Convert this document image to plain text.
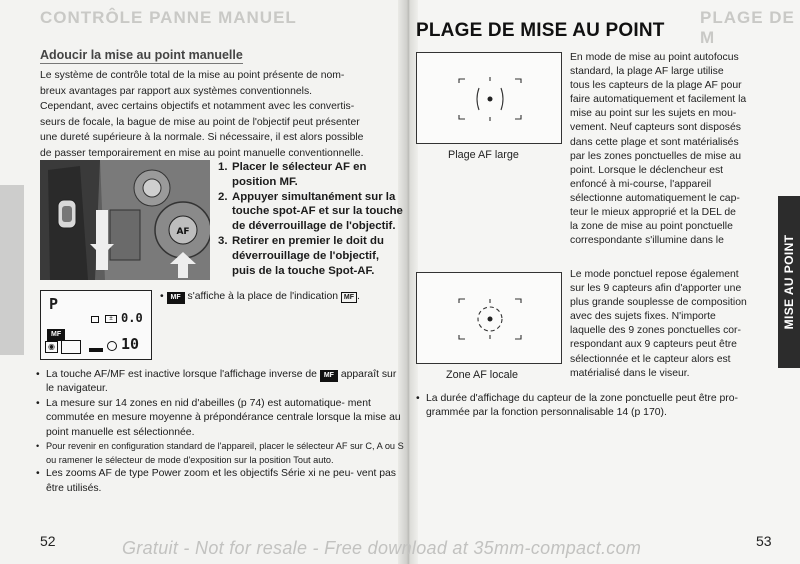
CONTRÔLE PANNE MANUEL	PLAGE DE M
Adoucir la mise au point manuelle
Le système de contrôle total de la mise au point présente de nom-
breux avantages par rapport aux systèmes conventionnels.
Cependant, avec certains objectifs et notamment avec les convertis-
seurs de focale, la bague de mise au point de l'objectif peut présenter
une dureté supérieure à la normale. Si nécessaire, il est alors possible
de passer temporairement en mise au point manuelle conventionnelle.
AF
1. Placer le sélecteur AF en
position MF.
2. Appuyer simultanément sur la
touche spot-AF et sur la touche
de déverrouillage de l'objectif.
3. Retirer en premier le doit du
déverrouillage de l'objectif,
puis de la touche Spot-AF.
P
± 0.0
MF
◉	10
• MF s'affiche à la place de l'indication MF .
• La touche AF/MF est inactive lorsque l'affichage inverse de MF apparaît sur le navigateur.
• La mesure sur 14 zones en nid d'abeilles (p 74) est automatique- ment commutée en mesure moyenne à prépondérance centrale lorsque la mise au point manuelle est sélectionnée.
• Pour revenir en configuration standard de l'appareil, placer le sélecteur AF sur C, A ou S ou ramener le sélecteur de mode d'exposition sur la position Tout auto.
• Les zooms AF de type Power zoom et les objectifs Série xi ne peu- vent pas être utilisés.
52
PLAGE DE MISE AU POINT
Plage AF large
Zone AF locale
En mode de mise au point autofocus
standard, la plage AF large utilise
tous les capteurs de la plage AF pour
faire automatiquement et facilement la
mise au point sur les sujets en mou-
vement. Neuf capteurs sont disposés
dans cette plage et sont matérialisés
par les zones ponctuelles de mise au
point. Lorsque le déclencheur est
enfoncé à mi-course, l'appareil
sélectionne automatiquement le cap-
teur le mieux approprié et la DEL de
la zone de mise au point ponctuelle
correspondante s'illumine dans le
Le mode ponctuel repose également
sur les 9 capteurs afin d'apporter une
plus grande souplesse de composition
avec des sujets fixes. N'importe
laquelle des 9 zones ponctuelles cor-
respondant aux 9 capteurs peut être
sélectionnée et le capteur alors est
matérialisé dans le viseur.
MISE AU POINT
• La durée d'affichage du capteur de la zone ponctuelle peut être pro- grammée par la fonction personnalisable 14 (p 170).
53
Gratuit - Not for resale - Free download at 35mm-compact.com
